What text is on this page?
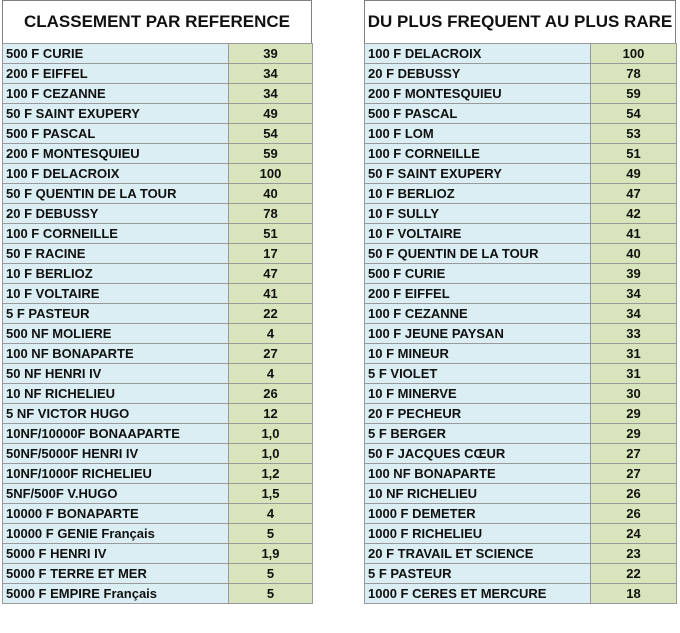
CLASSEMENT PAR REFERENCE
500 F CURIE	39
200 F EIFFEL	34
100 F CEZANNE	34
50 F SAINT EXUPERY	49
500 F PASCAL	54
200 F MONTESQUIEU	59
100 F DELACROIX	100
50 F QUENTIN DE LA TOUR	40
20 F DEBUSSY	78
100 F CORNEILLE	51
50 F RACINE	17
10 F BERLIOZ	47
10 F VOLTAIRE	41
5 F PASTEUR	22
500 NF MOLIERE	4
100 NF BONAPARTE	27
50 NF HENRI IV	4
10 NF RICHELIEU	26
5 NF VICTOR HUGO	12
10NF/10000F BONAAPARTE	1,0
50NF/5000F HENRI IV	1,0
10NF/1000F RICHELIEU	1,2
5NF/500F V.HUGO	1,5
10000 F BONAPARTE	4
10000 F GENIE Français	5
5000 F HENRI IV	1,9
5000 F TERRE ET MER	5
5000 F EMPIRE Français	5
DU PLUS FREQUENT AU PLUS RARE
100 F DELACROIX	100
20 F DEBUSSY	78
200 F MONTESQUIEU	59
500 F PASCAL	54
100 F LOM	53
100 F CORNEILLE	51
50 F SAINT EXUPERY	49
10 F BERLIOZ	47
10 F SULLY	42
10 F VOLTAIRE	41
50 F QUENTIN DE LA TOUR	40
500 F CURIE	39
200 F EIFFEL	34
100 F CEZANNE	34
100 F JEUNE PAYSAN	33
10 F MINEUR	31
5 F VIOLET	31
10 F MINERVE	30
20 F PECHEUR	29
5 F BERGER	29
50 F JACQUES CŒUR	27
100 NF BONAPARTE	27
10 NF RICHELIEU	26
1000 F DEMETER	26
1000 F RICHELIEU	24
20 F TRAVAIL ET SCIENCE	23
5 F PASTEUR	22
1000 F CERES ET MERCURE	18
